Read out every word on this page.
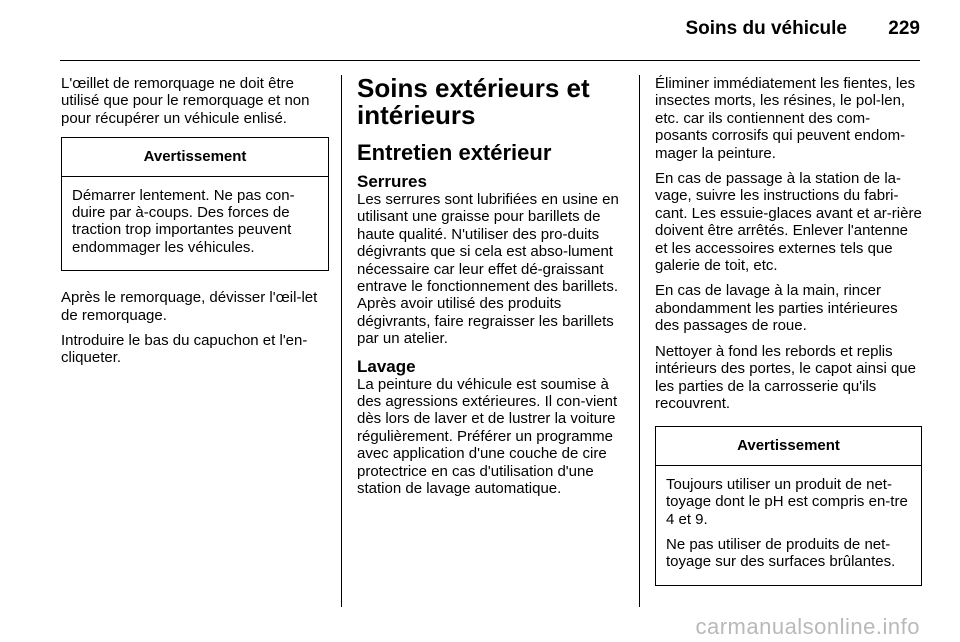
Soins du véhicule 229

L'œillet de remorquage ne doit être utilisé que pour le remorquage et non pour récupérer un véhicule enlisé.

Avertissement

Démarrer lentement. Ne pas con-duire par à-coups. Des forces de traction trop importantes peuvent endommager les véhicules.

Après le remorquage, dévisser l'œil-let de remorquage.

Introduire le bas du capuchon et l'en-cliqueter.

Soins extérieurs et intérieurs
Entretien extérieur
Serrures

Les serrures sont lubrifiées en usine en utilisant une graisse pour barillets de haute qualité. N'utiliser des pro-duits dégivrants que si cela est abso-lument nécessaire car leur effet dé-graissant entrave le fonctionnement des barillets. Après avoir utilisé des produits dégivrants, faire regraisser les barillets par un atelier.

Lavage

La peinture du véhicule est soumise à des agressions extérieures. Il con-vient dès lors de laver et de lustrer la voiture régulièrement. Préférer un programme avec application d'une couche de cire protectrice en cas d'utilisation d'une station de lavage automatique.

Éliminer immédiatement les fientes, les insectes morts, les résines, le pol-len, etc. car ils contiennent des com-posants corrosifs qui peuvent endom-mager la peinture.

En cas de passage à la station de la-vage, suivre les instructions du fabri-cant. Les essuie-glaces avant et ar-rière doivent être arrêtés. Enlever l'antenne et les accessoires externes tels que galerie de toit, etc.

En cas de lavage à la main, rincer abondamment les parties intérieures des passages de roue.

Nettoyer à fond les rebords et replis intérieurs des portes, le capot ainsi que les parties de la carrosserie qu'ils recouvrent.

Avertissement

Toujours utiliser un produit de net-toyage dont le pH est compris en-tre 4 et 9.

Ne pas utiliser de produits de net-toyage sur des surfaces brûlantes.

carmanualsonline.info
